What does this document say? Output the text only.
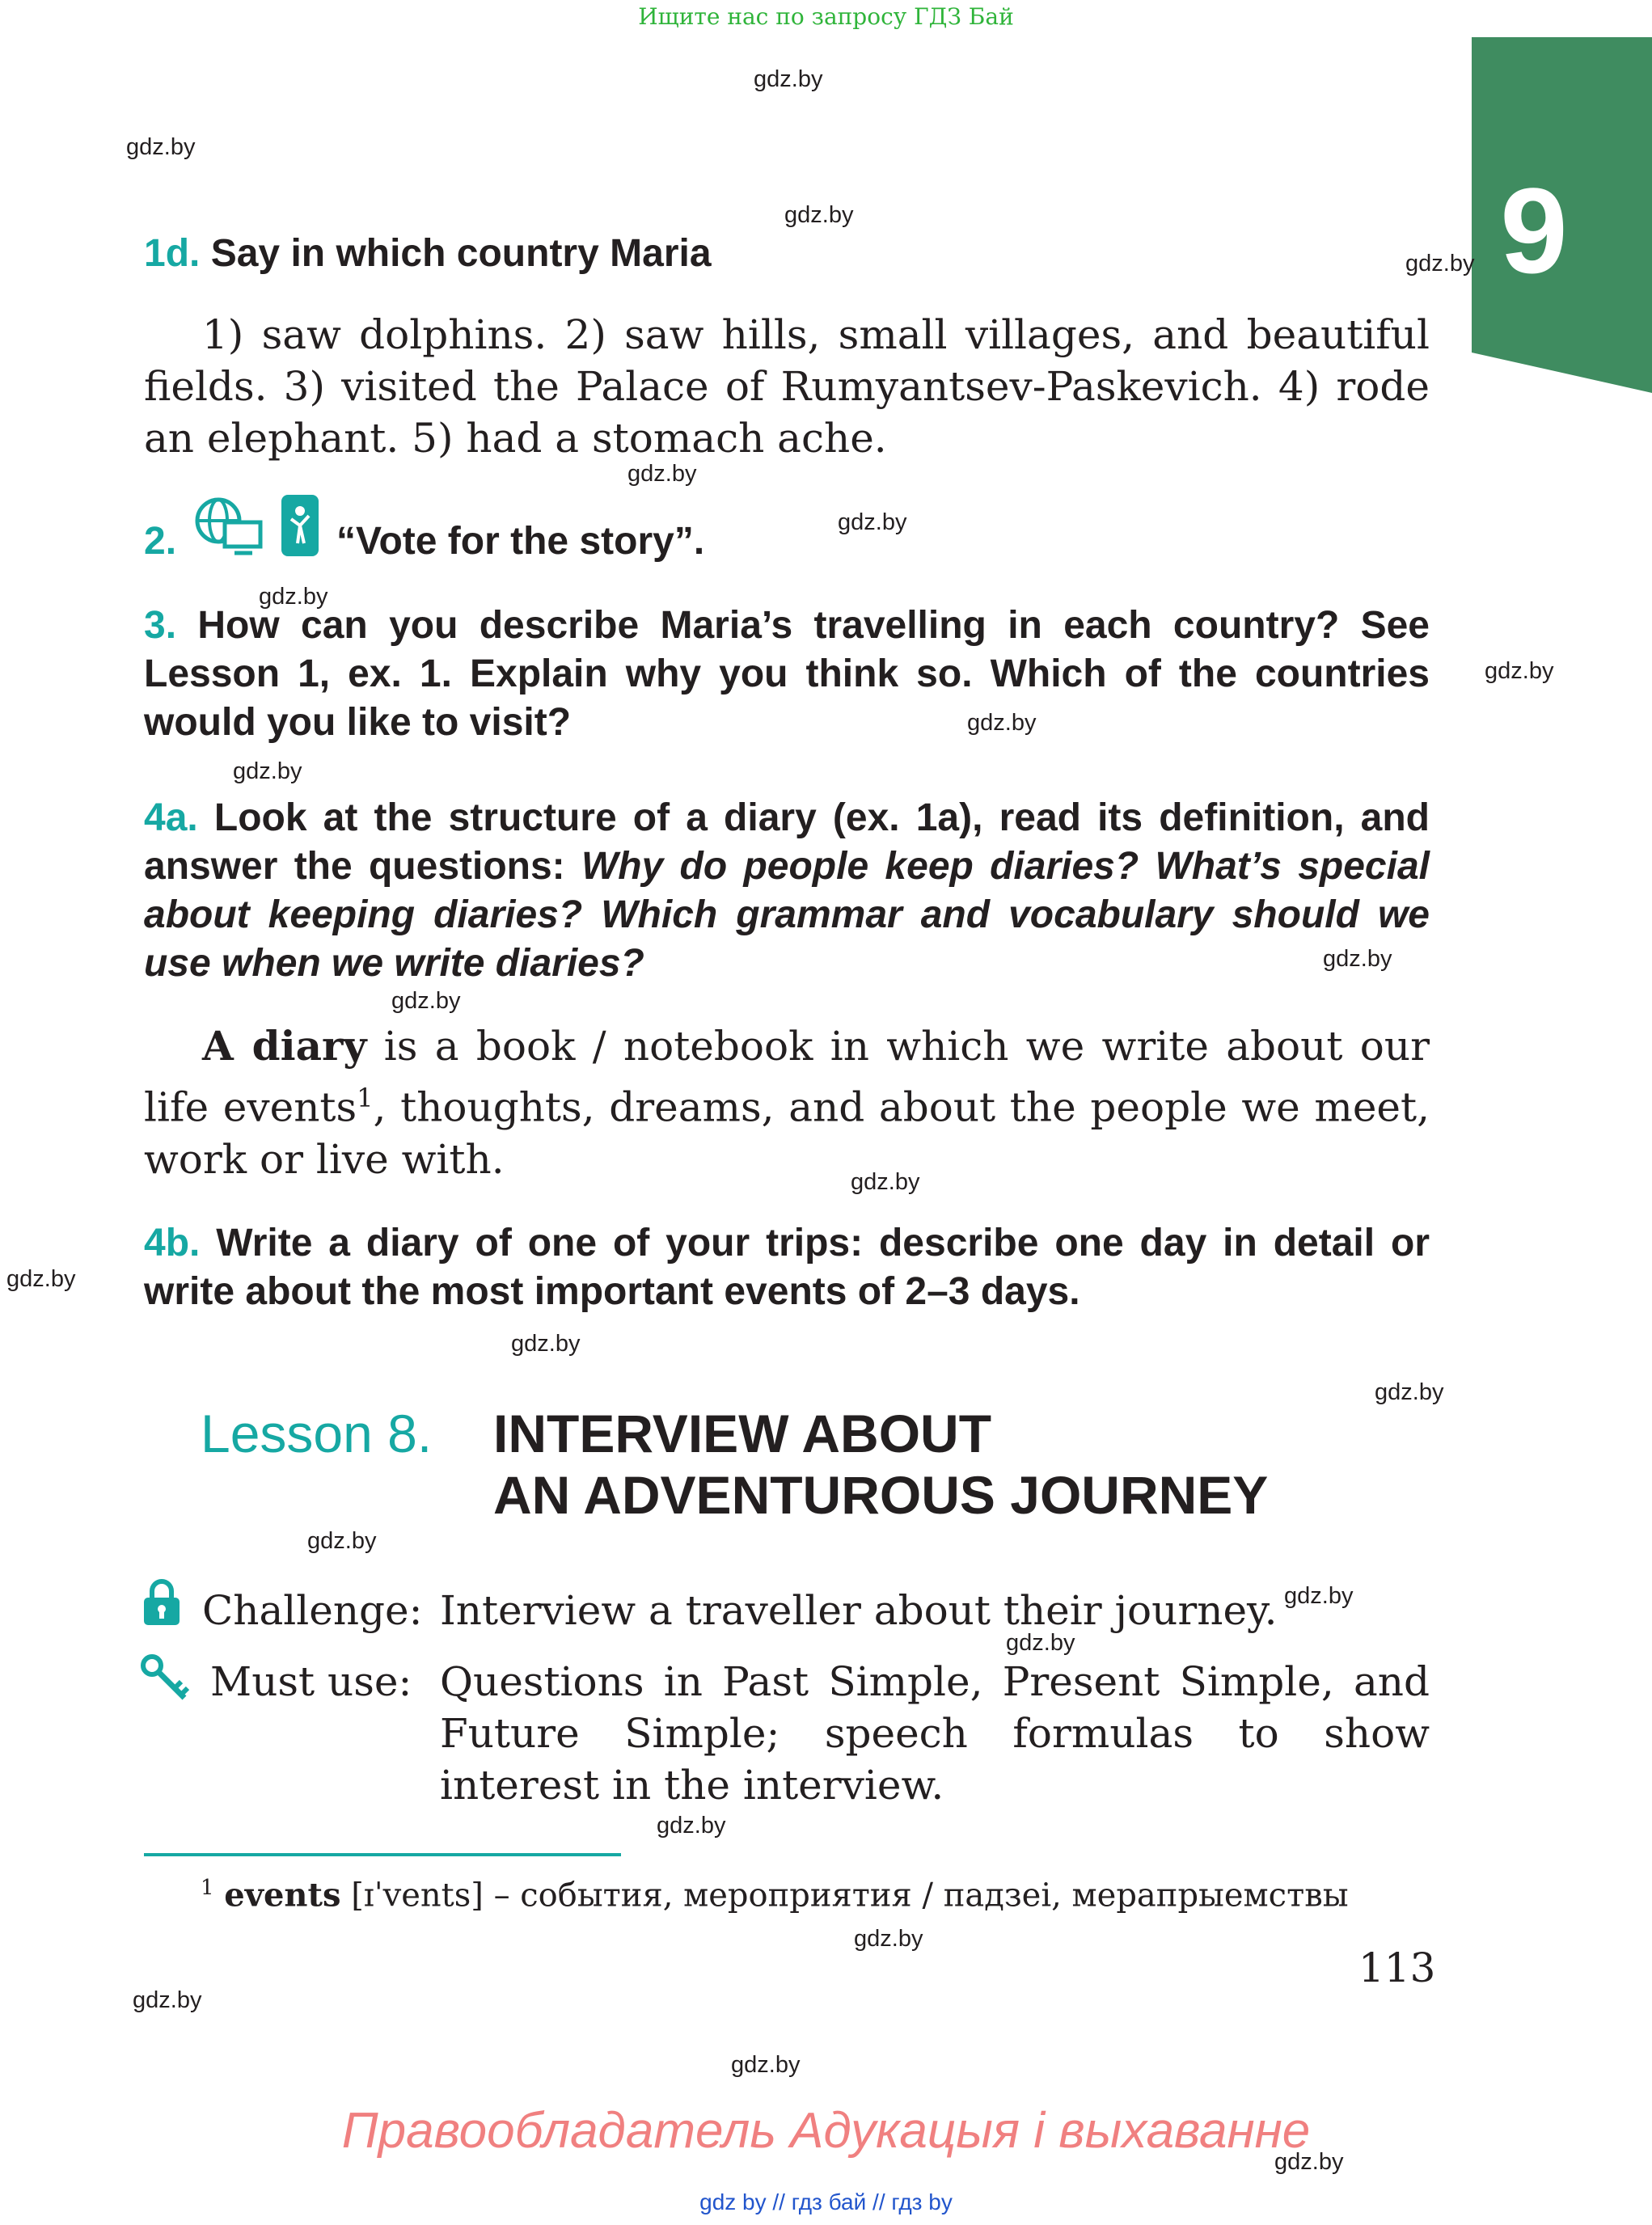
Ищите нас по запросу ГДЗ Бай
9
gdz.by
gdz.by
gdz.by
gdz.by
gdz.by
gdz.by
gdz.by
gdz.by
gdz.by
gdz.by
gdz.by
gdz.by
gdz.by
gdz.by
gdz.by
gdz.by
gdz.by
gdz.by
gdz.by
gdz.by
gdz.by
gdz.by
gdz.by
gdz.by
1d. Say in which country Maria
1) saw dolphins. 2) saw hills, small villages, and beautiful fields. 3) visited the Palace of Rumyantsev-Paskevich. 4) rode an elephant. 5) had a stomach ache.
2.	“Vote for the story”.
3. How can you describe Maria’s travelling in each country? See Lesson 1, ex. 1. Explain why you think so. Which of the countries would you like to visit?
4a. Look at the structure of a diary (ex. 1a), read its definition, and answer the questions: Why do people keep diaries? What’s special about keeping diaries? Which grammar and vocabulary should we use when we write diaries?
A diary is a book / notebook in which we write about our life events$^1$, thoughts, dreams, and about the people we meet, work or live with.
4b. Write a diary of one of your trips: describe one day in detail or write about the most important events of 2–3 days.
Lesson 8. INTERVIEW ABOUT
AN ADVENTUROUS JOURNEY
Challenge: Interview a traveller about their journey.
Must use: Questions in Past Simple, Present Simple, and Future Simple; speech formulas to show interest in the interview.
$^1$ events [ɪˈvents] – события, мероприятия / падзеі, мерапрыемствы
113
Правообладатель Адукацыя і выхаванне
gdz by // гдз бай // гдз by
